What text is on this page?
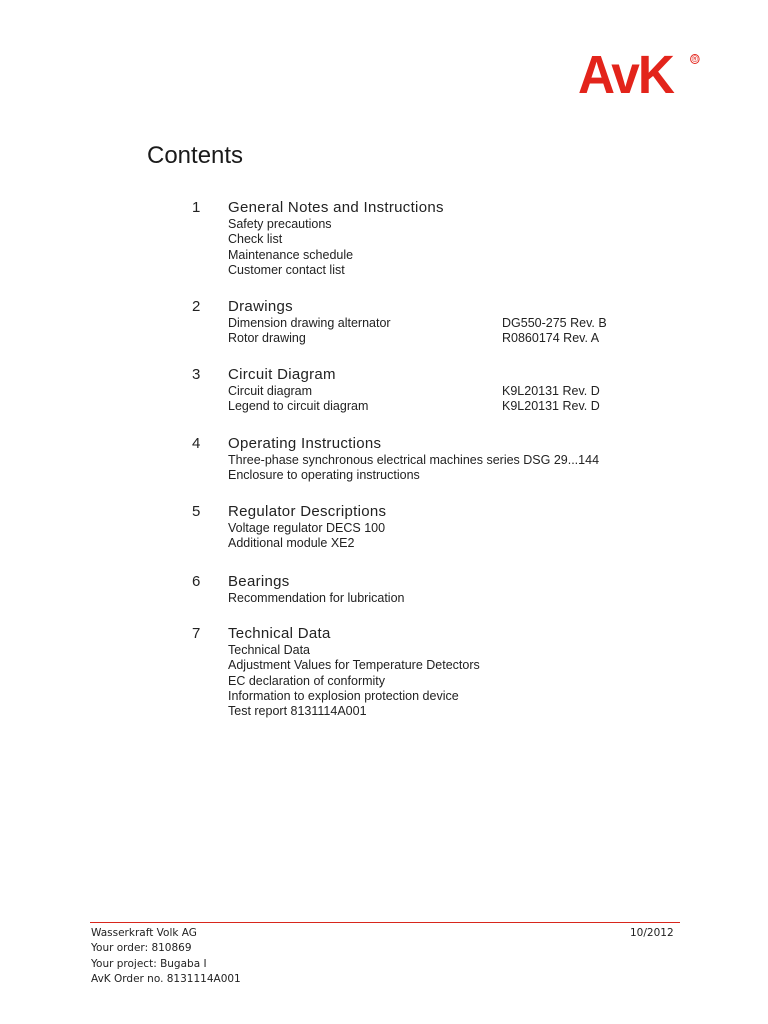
AvK ®
Contents
1 General Notes and Instructions
Safety precautions
Check list
Maintenance schedule
Customer contact list
2 Drawings
Dimension drawing alternator	DG550-275 Rev. B
Rotor drawing	R0860174 Rev. A
3 Circuit Diagram
Circuit diagram	K9L20131 Rev. D
Legend to circuit diagram	K9L20131 Rev. D
4 Operating Instructions
Three-phase synchronous electrical machines series DSG 29...144
Enclosure to operating instructions
5 Regulator Descriptions
Voltage regulator DECS 100
Additional module XE2
6 Bearings
Recommendation for lubrication
7 Technical Data
Technical Data
Adjustment Values for Temperature Detectors
EC declaration of conformity
Information to explosion protection device
Test report 8131114A001
Wasserkraft Volk AG
Your order: 810869
Your project: Bugaba I
AvK Order no. 8131114A001
10/2012
